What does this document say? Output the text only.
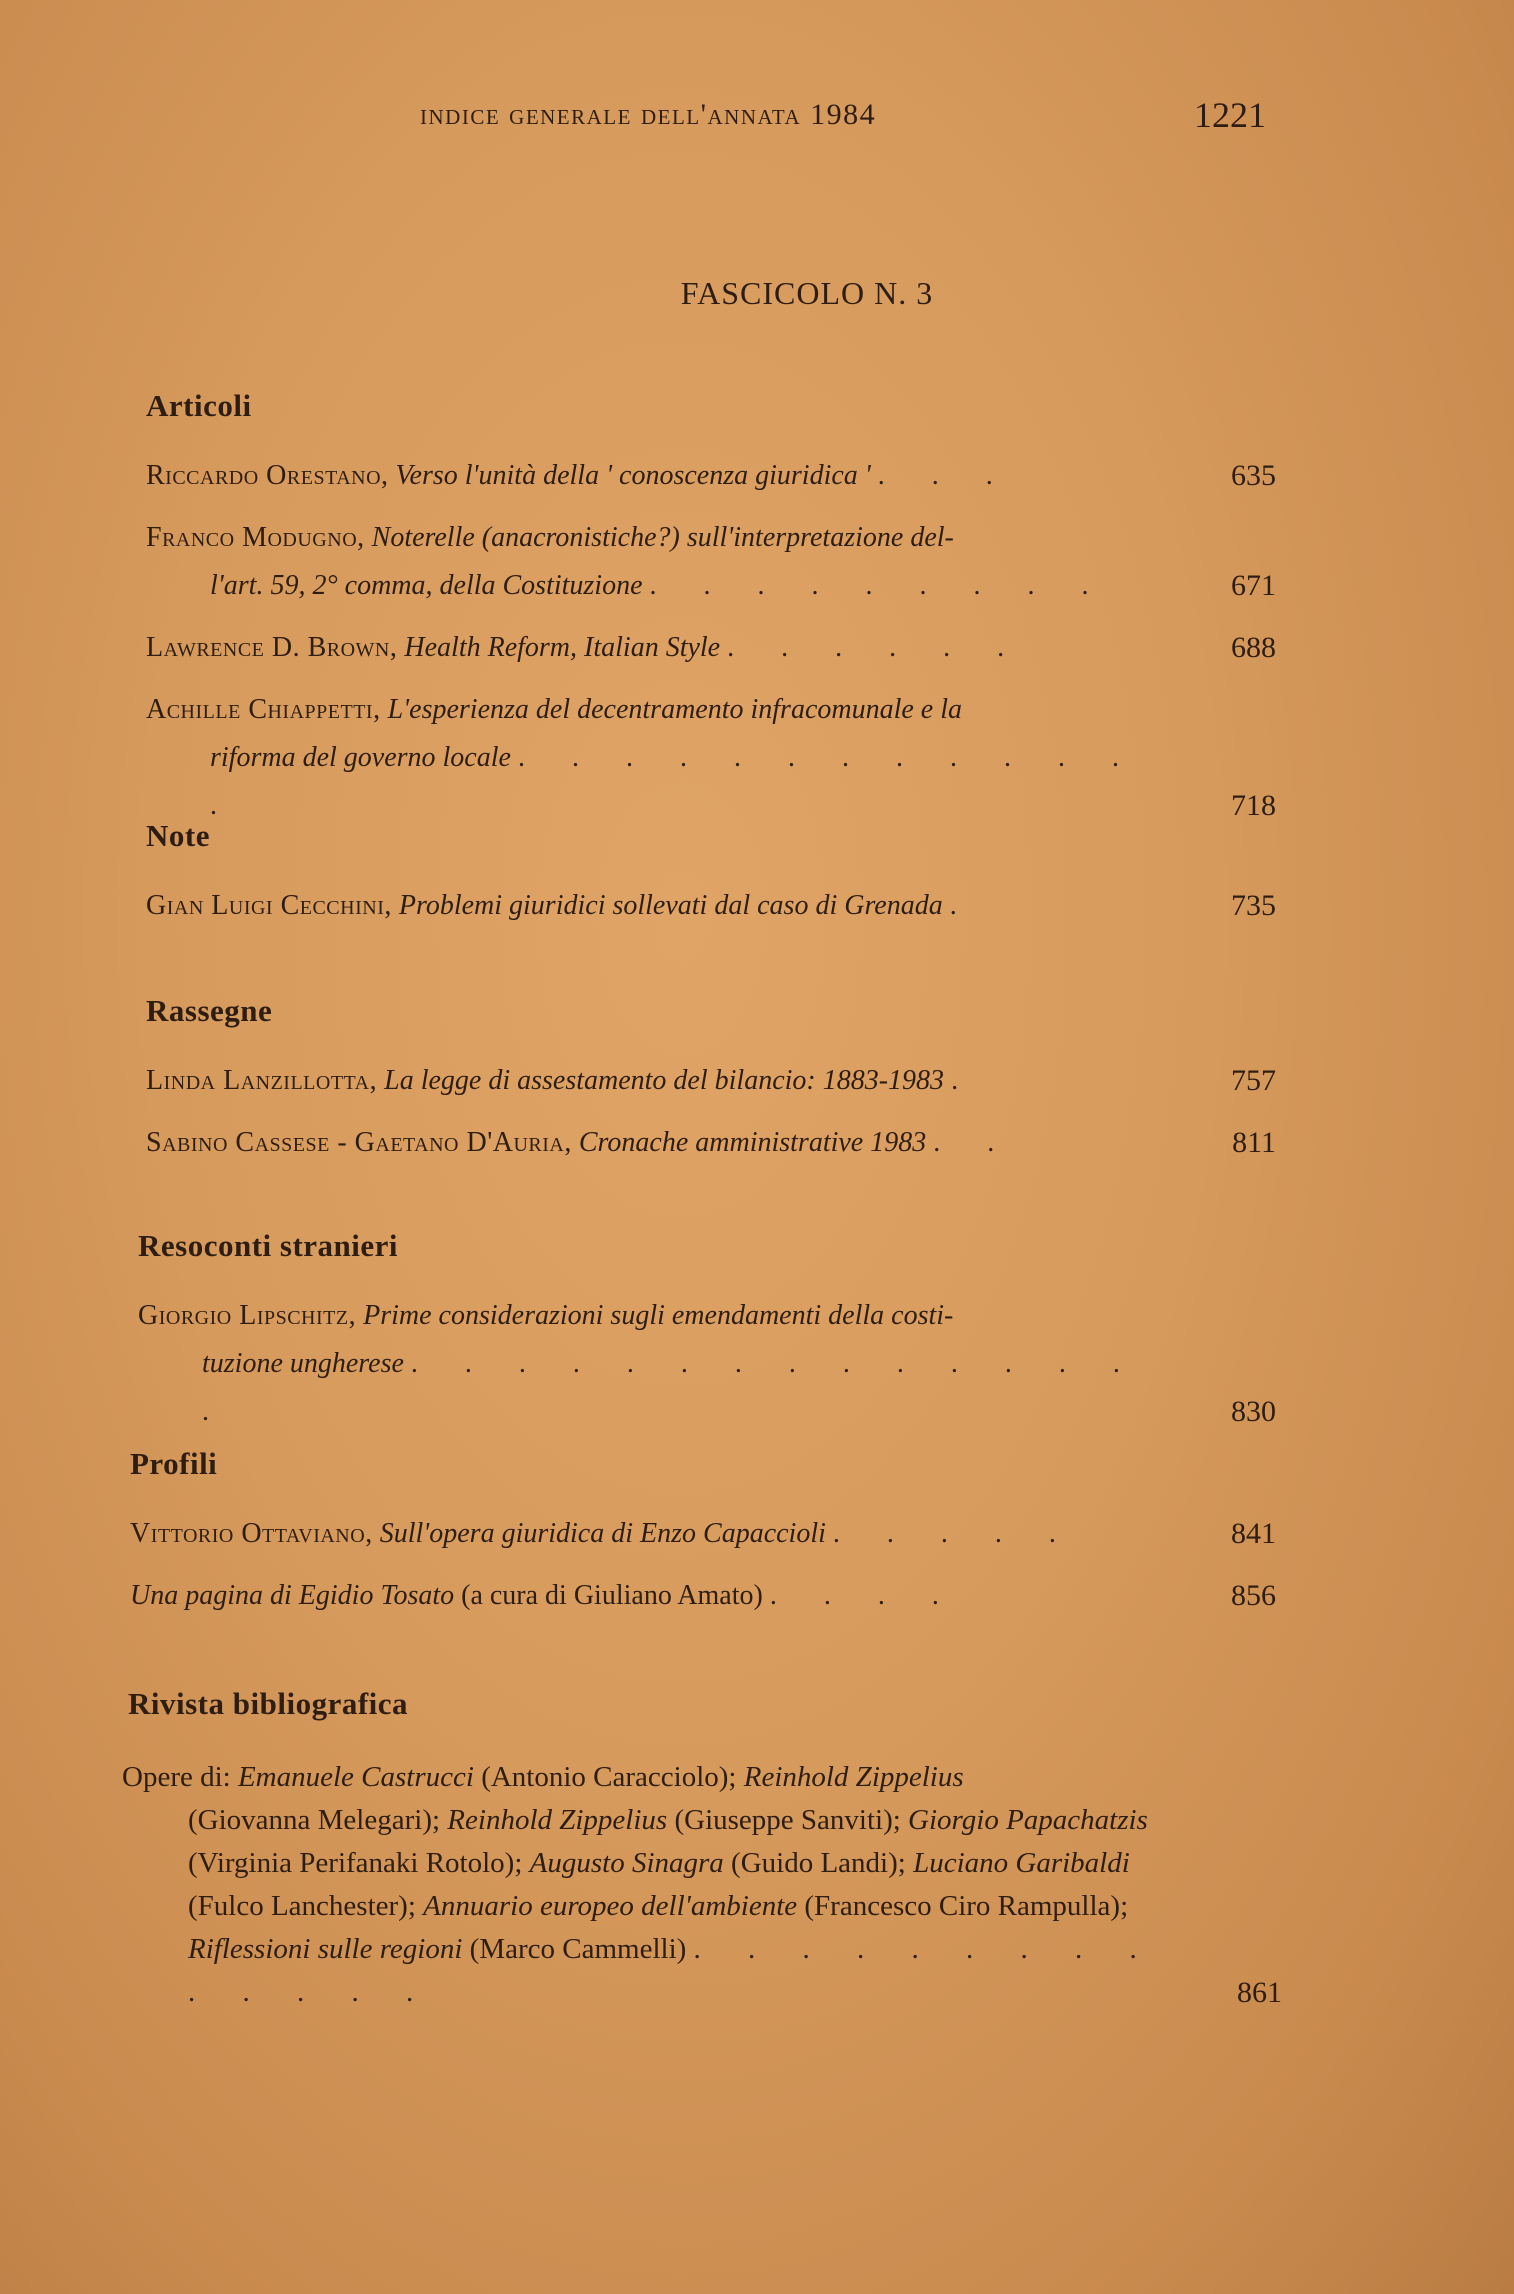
indice generale dell'annata 1984	1221
FASCICOLO N. 3
Articoli
Riccardo Orestano, Verso l'unità della ' conoscenza giuridica ' . . .	635
Franco Modugno, Noterelle (anacronistiche?) sull'interpretazione del-
l'art. 59, 2° comma, della Costituzione . . . . . . . . .	671
Lawrence D. Brown, Health Reform, Italian Style . . . . . .	688
Achille Chiappetti, L'esperienza del decentramento infracomunale e la
riforma del governo locale . . . . . . . . . . . . .	718
Note
Gian Luigi Cecchini, Problemi giuridici sollevati dal caso di Grenada .	735
Rassegne
Linda Lanzillotta, La legge di assestamento del bilancio: 1883-1983 .	757
Sabino Cassese - Gaetano D'Auria, Cronache amministrative 1983 . .	811
Resoconti stranieri
Giorgio Lipschitz, Prime considerazioni sugli emendamenti della costi-
tuzione ungherese . . . . . . . . . . . . . . .	830
Profili
Vittorio Ottaviano, Sull'opera giuridica di Enzo Capaccioli . . . . .	841
Una pagina di Egidio Tosato (a cura di Giuliano Amato) . . . .	856
Rivista bibliografica
Opere di: Emanuele Castrucci (Antonio Caracciolo); Reinhold Zippelius
(Giovanna Melegari); Reinhold Zippelius (Giuseppe Sanviti); Giorgio Papachatzis (Virginia Perifanaki Rotolo); Augusto Sinagra (Guido Landi); Luciano Garibaldi (Fulco Lanchester); Annuario europeo dell'ambiente (Francesco Ciro Rampulla); Riflessioni sulle regioni (Marco Cammelli) . . . . . . . . . . . . . .	861
